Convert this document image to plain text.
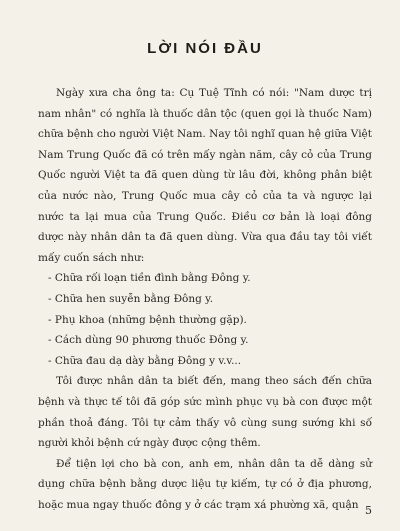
LỜI NÓI ĐẦU

Ngày xưa cha ông ta: Cụ Tuệ Tĩnh có nói: "Nam dược trị nam nhân" có nghĩa là thuốc dân tộc (quen gọi là thuốc Nam) chữa bệnh cho người Việt Nam. Nay tôi nghĩ quan hệ giữa Việt Nam Trung Quốc đã có trên mấy ngàn năm, cây cỏ của Trung Quốc người Việt ta đã quen dùng từ lâu đời, không phân biệt của nước nào, Trung Quốc mua cây cỏ của ta và ngược lại nước ta lại mua của Trung Quốc. Điều cơ bản là loại đông dược này nhân dân ta đã quen dùng. Vừa qua đầu tay tôi viết mấy cuốn sách như:

- Chữa rối loạn tiền đình bằng Đông y.
- Chữa hen suyễn bằng Đông y.
- Phụ khoa (những bệnh thường gặp).
- Cách dùng 90 phương thuốc Đông y.
- Chữa đau dạ dày bằng Đông y v.v...

Tôi được nhân dân ta biết đến, mang theo sách đến chữa bệnh và thực tế tôi đã góp sức mình phục vụ bà con được một phần thoả đáng. Tôi tự cảm thấy vô cùng sung sướng khi số người khỏi bệnh cứ ngày được cộng thêm.

Để tiện lợi cho bà con, anh em, nhân dân ta dễ dàng sử dụng chữa bệnh bằng dược liệu tự kiếm, tự có ở địa phương, hoặc mua ngay thuốc đông y ở các trạm xá phường xã, quận 5
